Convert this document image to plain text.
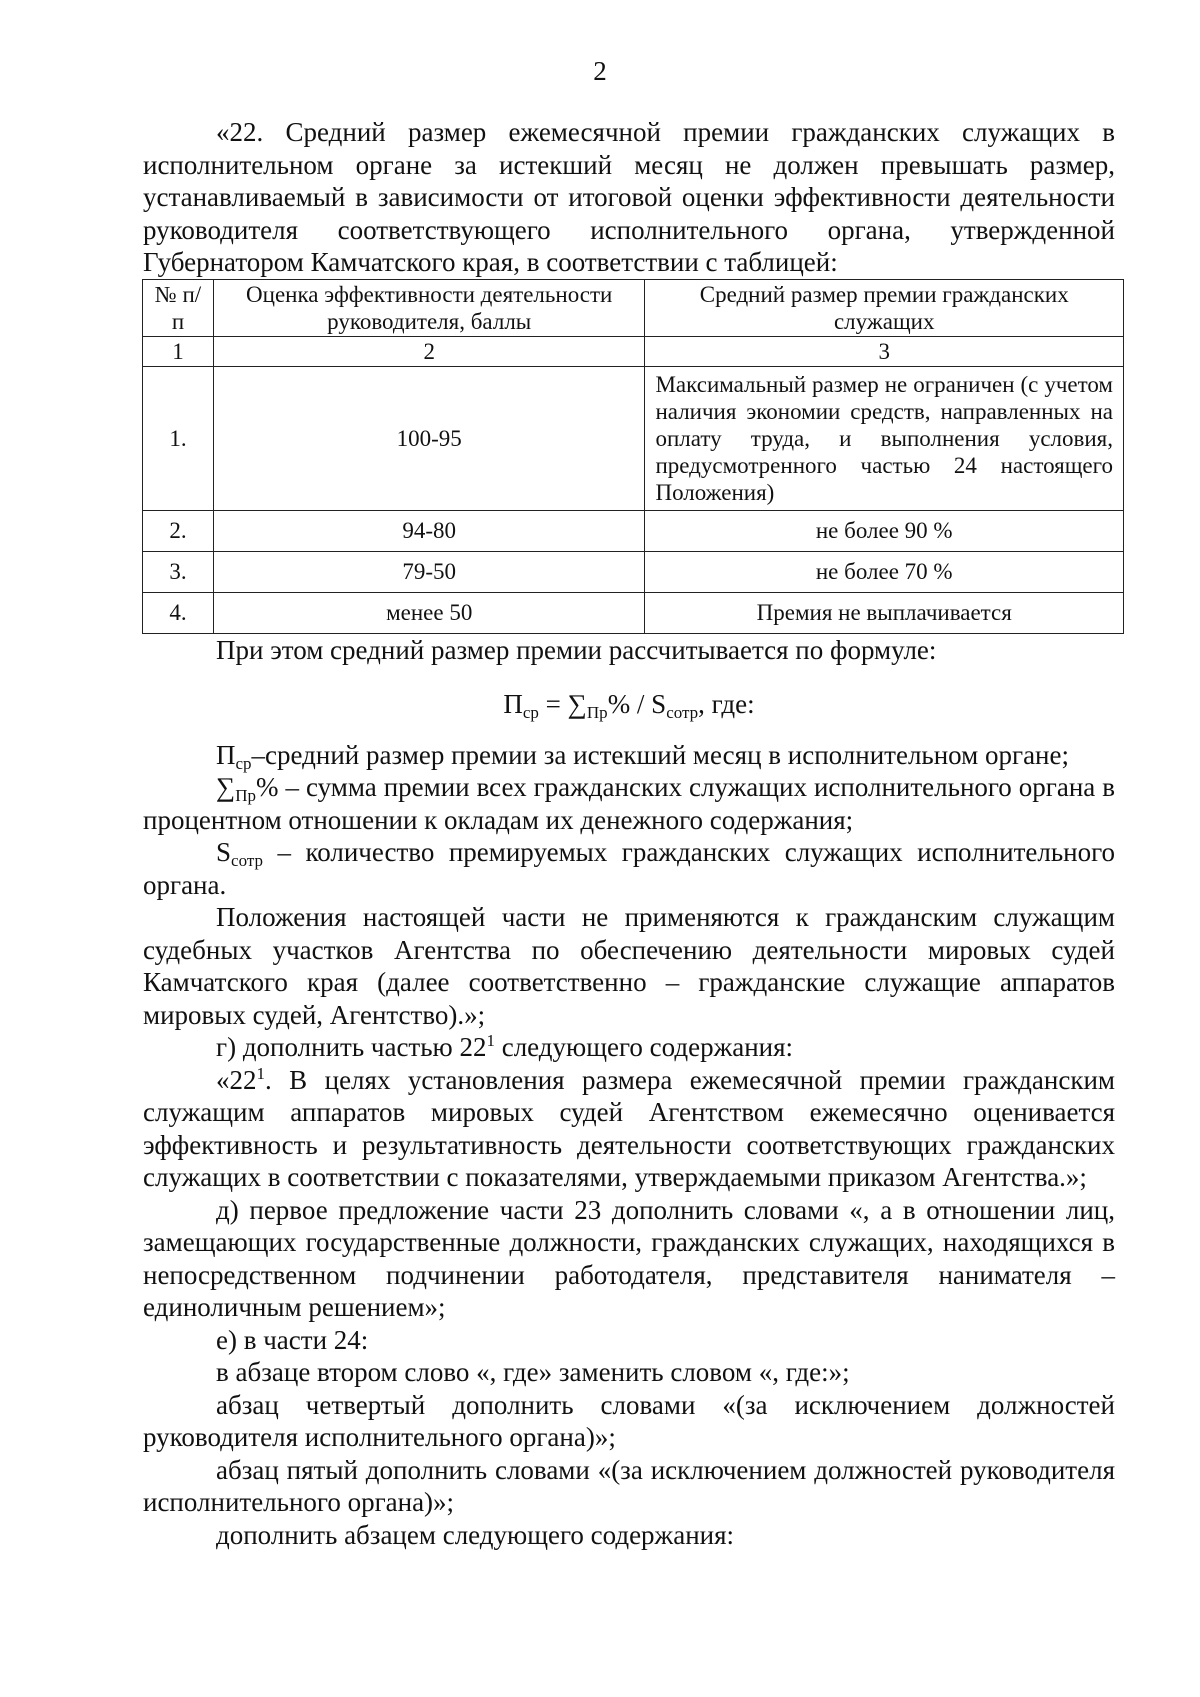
2

«22. Средний размер ежемесячной премии гражданских служащих в исполнительном органе за истекший месяц не должен превышать размер, устанавливаемый в зависимости от итоговой оценки эффективности деятельности руководителя соответствующего исполнительного органа, утвержденной Губернатором Камчатского края, в соответствии с таблицей:

№ п/п	Оценка эффективности деятельности руководителя, баллы	Средний размер премии гражданских служащих
1	2	3
1.	100-95	Максимальный размер не ограничен (с учетом наличия экономии средств, направленных на оплату труда, и выполнения условия, предусмотренного частью 24 настоящего Положения)
2.	94-80	не более 90 %
3.	79-50	не более 70 %
4.	менее 50	Премия не выплачивается

При этом средний размер премии рассчитывается по формуле:

$П_{ср} = \sum_{Пр}\% / S_{сотр}$, где:

$П_{ср}$–средний размер премии за истекший месяц в исполнительном органе;

$\sum_{Пр}\%$ – сумма премии всех гражданских служащих исполнительного органа в процентном отношении к окладам их денежного содержания;

$S_{сотр}$ – количество премируемых гражданских служащих исполнительного органа.

Положения настоящей части не применяются к гражданским служащим судебных участков Агентства по обеспечению деятельности мировых судей Камчатского края (далее соответственно – гражданские служащие аппаратов мировых судей, Агентство).»;

г) дополнить частью $22^1$ следующего содержания:

«$22^1$. В целях установления размера ежемесячной премии гражданским служащим аппаратов мировых судей Агентством ежемесячно оценивается эффективность и результативность деятельности соответствующих гражданских служащих в соответствии с показателями, утверждаемыми приказом Агентства.»;

д) первое предложение части 23 дополнить словами «, а в отношении лиц, замещающих государственные должности, гражданских служащих, находящихся в непосредственном подчинении работодателя, представителя нанимателя – единоличным решением»;

е) в части 24:

в абзаце втором слово «, где» заменить словом «, где:»;

абзац четвертый дополнить словами «(за исключением должностей руководителя исполнительного органа)»;

абзац пятый дополнить словами «(за исключением должностей руководителя исполнительного органа)»;

дополнить абзацем следующего содержания:
